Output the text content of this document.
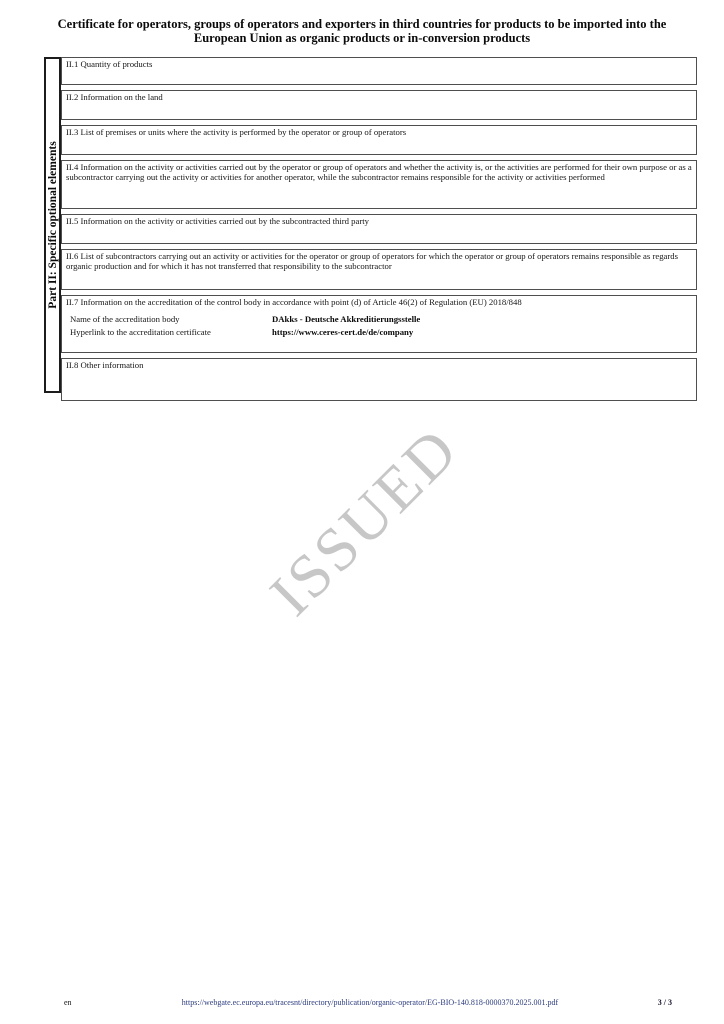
Certificate for operators, groups of operators and exporters in third countries for products to be imported into the European Union as organic products or in-conversion products
Part II: Specific optional elements
II.1 Quantity of products
II.2 Information on the land
II.3 List of premises or units where the activity is performed by the operator or group of operators
II.4 Information on the activity or activities carried out by the operator or group of operators and whether the activity is, or the activities are performed for their own purpose or as a subcontractor carrying out the activity or activities for another operator, while the subcontractor remains responsible for the activity or activities performed
II.5 Information on the activity or activities carried out by the subcontracted third party
II.6 List of subcontractors carrying out an activity or activities for the operator or group of operators for which the operator or group of operators remains responsible as regards organic production and for which it has not transferred that responsibility to the subcontractor
II.7 Information on the accreditation of the control body in accordance with point (d) of Article 46(2) of Regulation (EU) 2018/848
Name of the accreditation body	DAkks - Deutsche Akkreditierungsstelle
Hyperlink to the accreditation certificate	https://www.ceres-cert.de/de/company
II.8 Other information
ISSUED
en	https://webgate.ec.europa.eu/tracesnt/directory/publication/organic-operator/EG-BIO-140.818-0000370.2025.001.pdf	3 / 3
